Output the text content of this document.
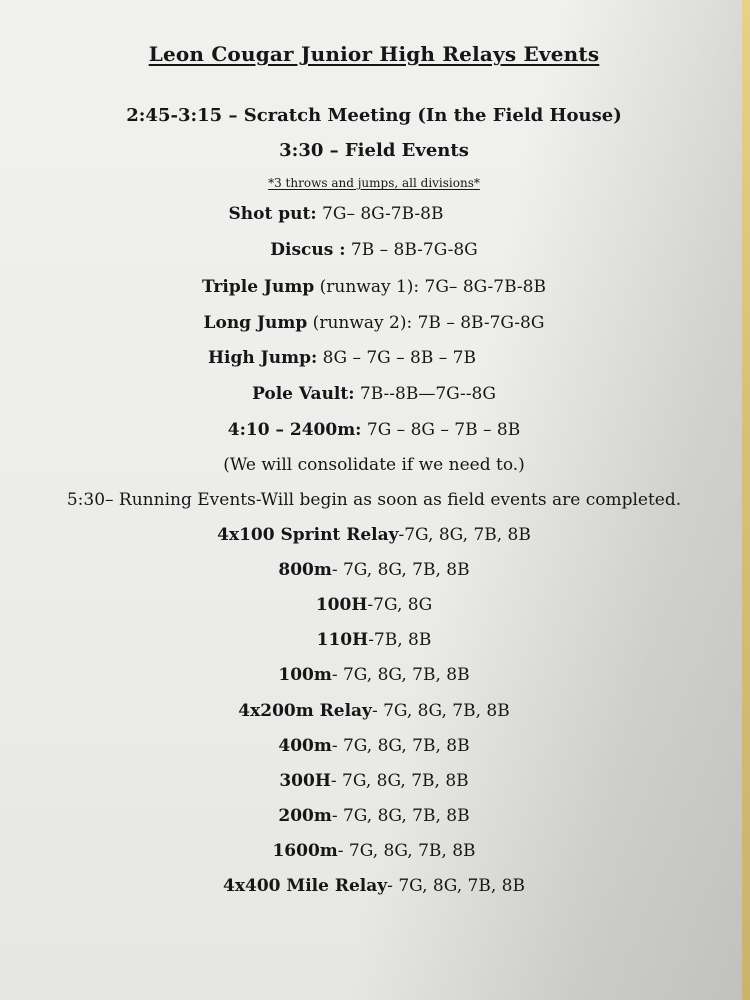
Leon Cougar Junior High Relays Events
2:45-3:15 – Scratch Meeting (In the Field House)
3:30 – Field Events
*3 throws and jumps, all divisions*
Shot put: 7G– 8G-7B-8B
Discus : 7B – 8B-7G-8G
Triple Jump (runway 1): 7G– 8G-7B-8B
Long Jump (runway 2): 7B – 8B-7G-8G
High Jump: 8G – 7G – 8B – 7B
Pole Vault: 7B--8B—7G--8G
4:10 – 2400m: 7G – 8G – 7B – 8B
(We will consolidate if we need to.)
5:30– Running Events-Will begin as soon as field events are completed.
4x100 Sprint Relay-7G, 8G, 7B, 8B
800m- 7G, 8G, 7B, 8B
100H-7G, 8G
110H-7B, 8B
100m- 7G, 8G, 7B, 8B
4x200m Relay- 7G, 8G, 7B, 8B
400m- 7G, 8G, 7B, 8B
300H- 7G, 8G, 7B, 8B
200m- 7G, 8G, 7B, 8B
1600m- 7G, 8G, 7B, 8B
4x400 Mile Relay- 7G, 8G, 7B, 8B
